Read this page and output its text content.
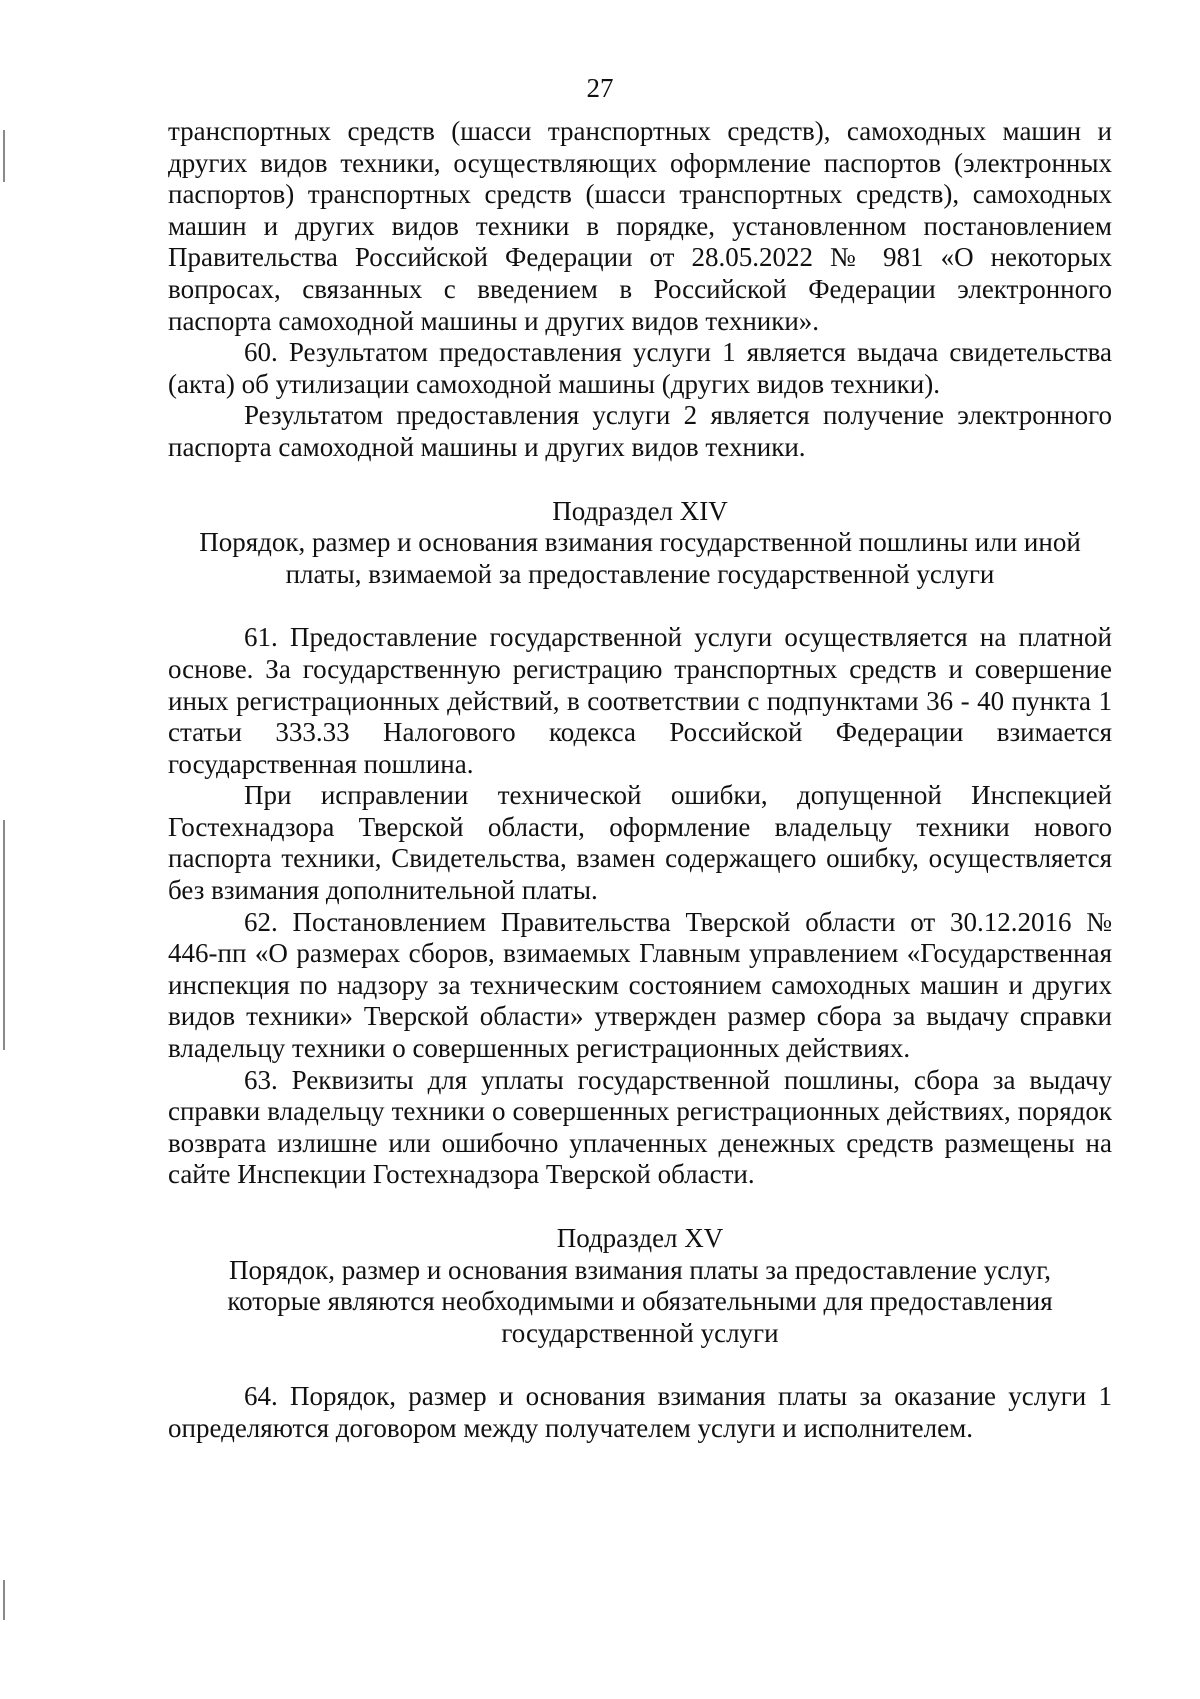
27

транспортных средств (шасси транспортных средств), самоходных машин и других видов техники, осуществляющих оформление паспортов (электронных паспортов) транспортных средств (шасси транспортных средств), самоходных машин и других видов техники в порядке, установленном постановлением Правительства Российской Федерации от 28.05.2022 № 981 «О некоторых вопросах, связанных с введением в Российской Федерации электронного паспорта самоходной машины и других видов техники».

60. Результатом предоставления услуги 1 является выдача свидетельства (акта) об утилизации самоходной машины (других видов техники).

Результатом предоставления услуги 2 является получение электронного паспорта самоходной машины и других видов техники.

Подраздел XIV

Порядок, размер и основания взимания государственной пошлины или иной

платы, взимаемой за предоставление государственной услуги

61. Предоставление государственной услуги осуществляется на платной основе. За государственную регистрацию транспортных средств и совершение иных регистрационных действий, в соответствии с подпунктами 36 - 40 пункта 1 статьи 333.33 Налогового кодекса Российской Федерации взимается государственная пошлина.

При исправлении технической ошибки, допущенной Инспекцией Гостехнадзора Тверской области, оформление владельцу техники нового паспорта техники, Свидетельства, взамен содержащего ошибку, осуществляется без взимания дополнительной платы.

62. Постановлением Правительства Тверской области от 30.12.2016 № 446-пп «О размерах сборов, взимаемых Главным управлением «Государственная инспекция по надзору за техническим состоянием самоходных машин и других видов техники» Тверской области» утвержден размер сбора за выдачу справки владельцу техники о совершенных регистрационных действиях.

63. Реквизиты для уплаты государственной пошлины, сбора за выдачу справки владельцу техники о совершенных регистрационных действиях, порядок возврата излишне или ошибочно уплаченных денежных средств размещены на сайте Инспекции Гостехнадзора Тверской области.

Подраздел XV

Порядок, размер и основания взимания платы за предоставление услуг,

которые являются необходимыми и обязательными для предоставления

государственной услуги

64. Порядок, размер и основания взимания платы за оказание услуги 1 определяются договором между получателем услуги и исполнителем.
